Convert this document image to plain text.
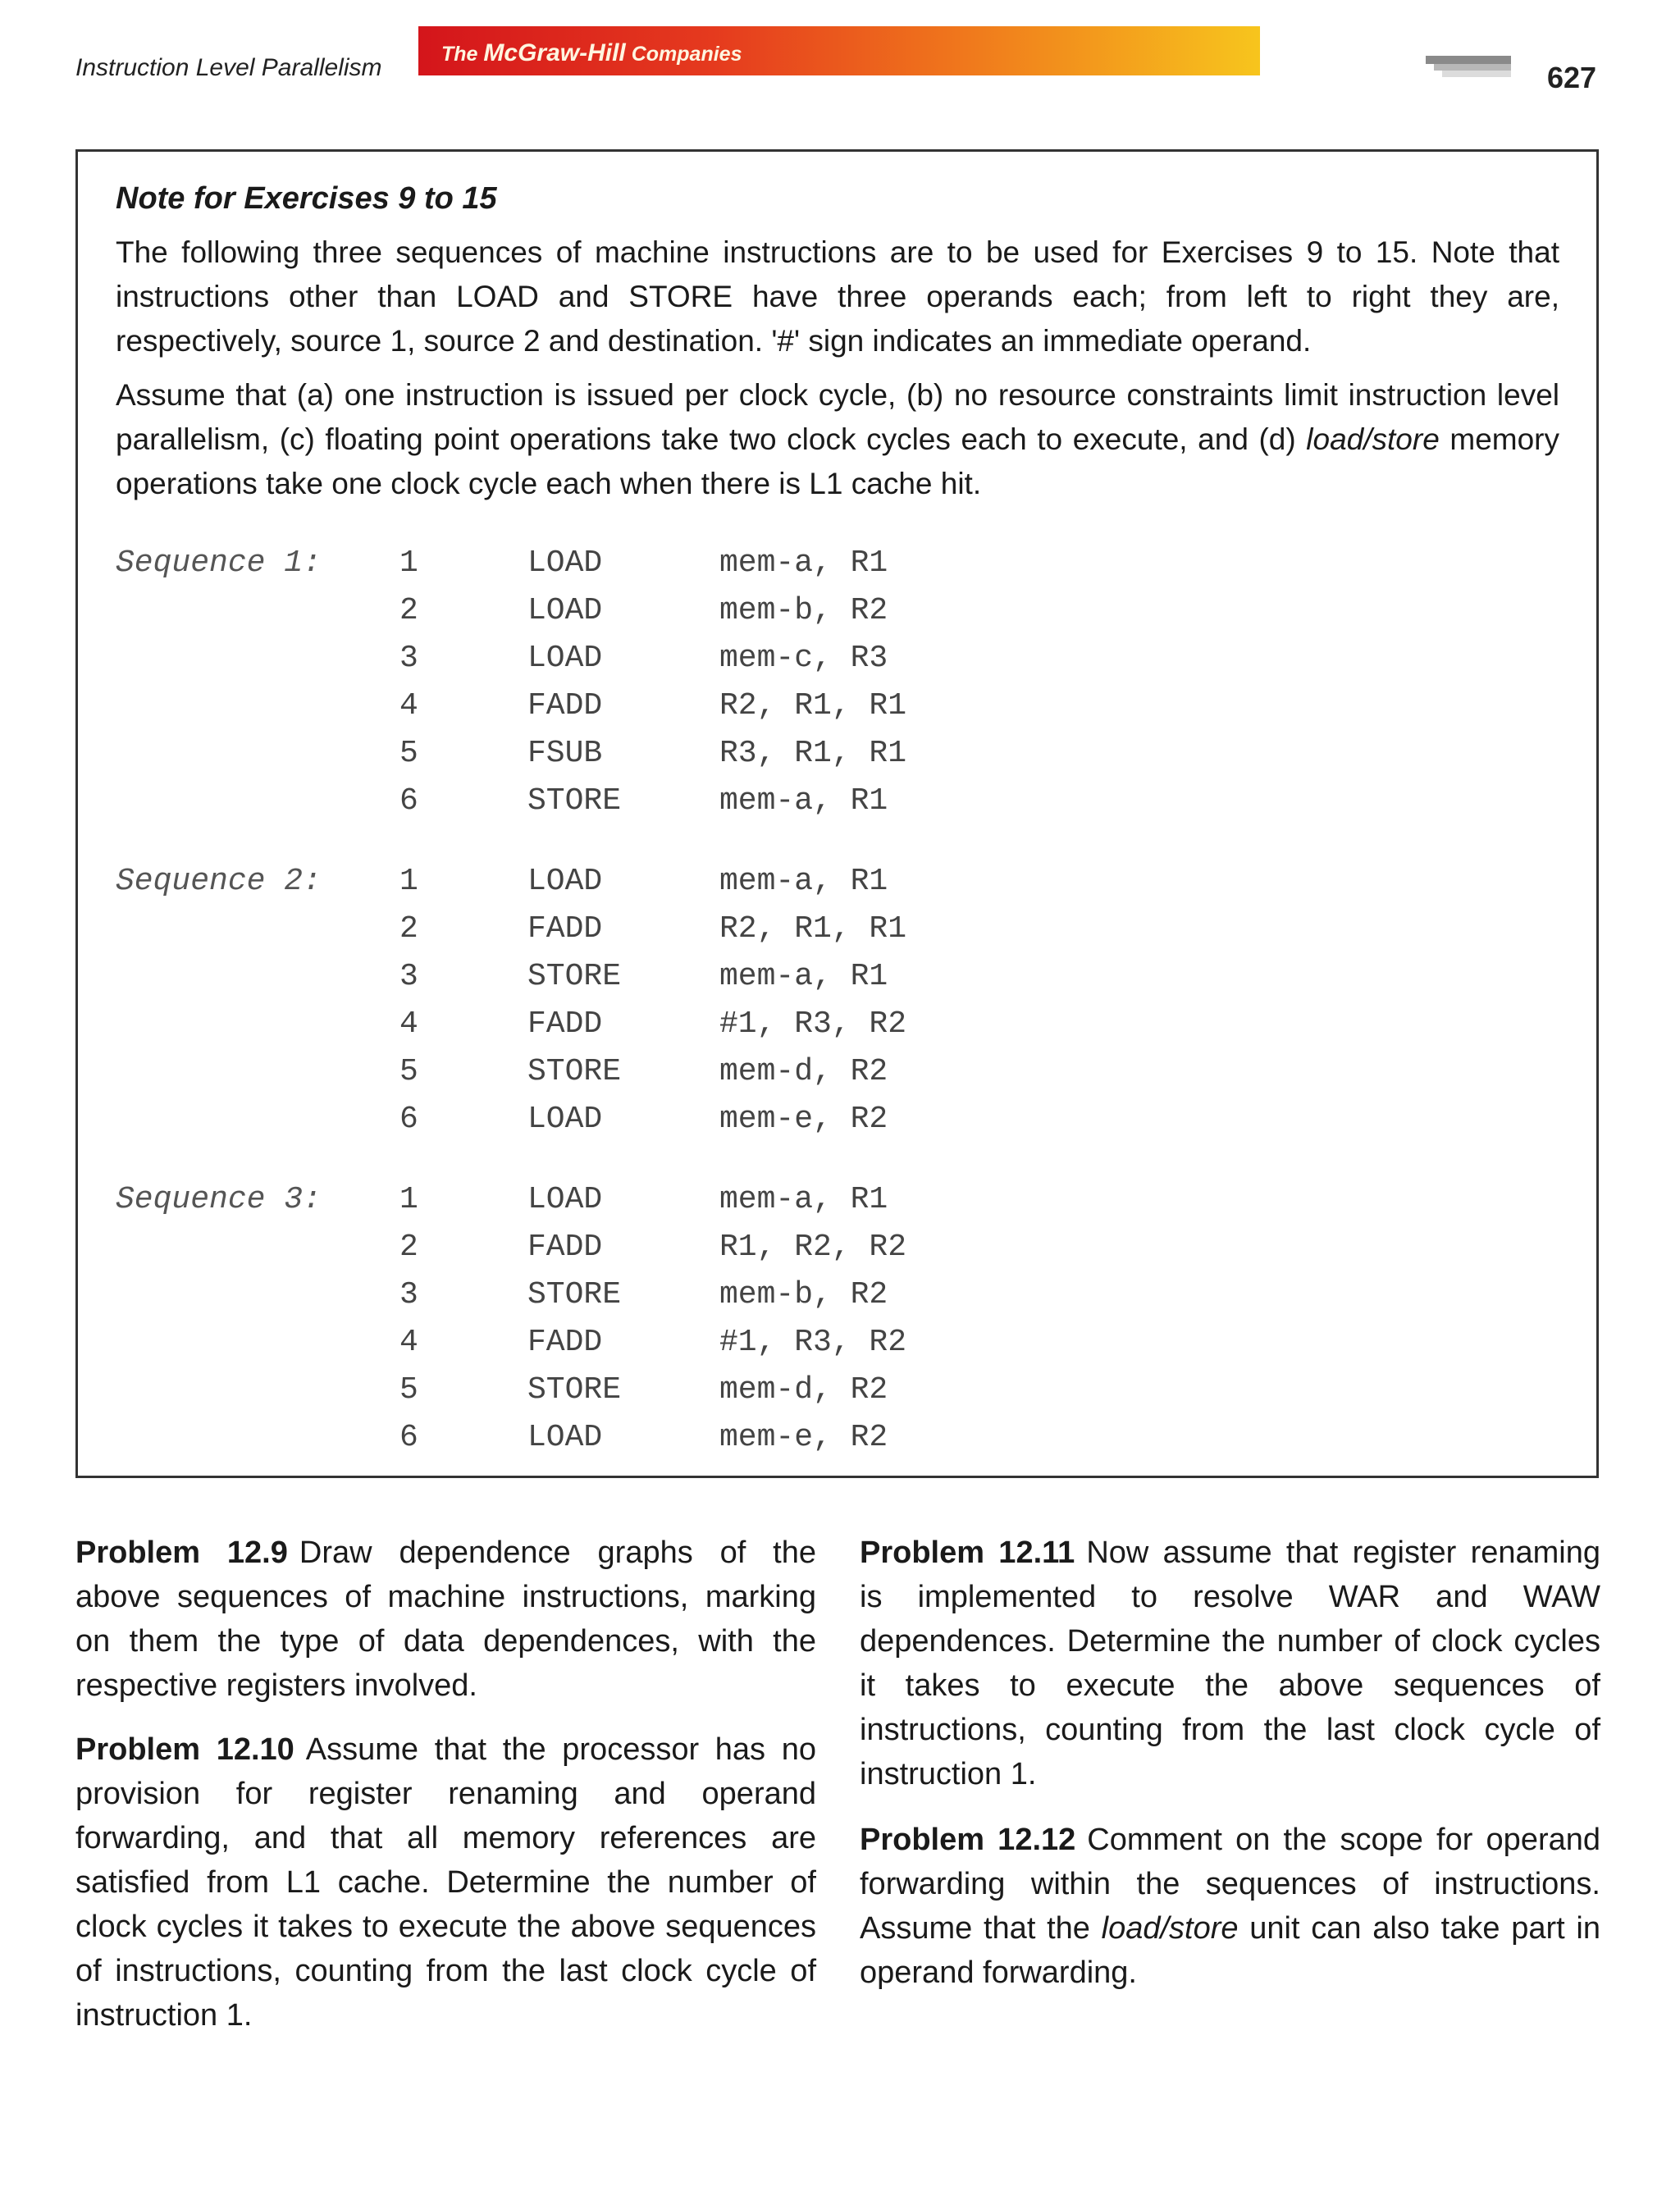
Instruction Level Parallelism	The McGraw-Hill Companies
627
Note for Exercises 9 to 15

The following three sequences of machine instructions are to be used for Exercises 9 to 15. Note that instructions other than LOAD and STORE have three operands each; from left to right they are, respectively, source 1, source 2 and destination. '#' sign indicates an immediate operand.

Assume that (a) one instruction is issued per clock cycle, (b) no resource constraints limit instruction level parallelism, (c) floating point operations take two clock cycles each to execute, and (d) load/store memory operations take one clock cycle each when there is L1 cache hit.

Sequence 1:	1	LOAD	mem-a, R1
2	LOAD	mem-b, R2
3	LOAD	mem-c, R3
4	FADD	R2, R1, R1
5	FSUB	R3, R1, R1
6	STORE	mem-a, R1
Sequence 2:	1	LOAD	mem-a, R1
2	FADD	R2, R1, R1
3	STORE	mem-a, R1
4	FADD	#1, R3, R2
5	STORE	mem-d, R2
6	LOAD	mem-e, R2
Sequence 3:	1	LOAD	mem-a, R1
2	FADD	R1, R2, R2
3	STORE	mem-b, R2
4	FADD	#1, R3, R2
5	STORE	mem-d, R2
6	LOAD	mem-e, R2

Problem 12.9 Draw dependence graphs of the above sequences of machine instructions, marking on them the type of data dependences, with the respective registers involved.

Problem 12.10 Assume that the processor has no provision for register renaming and operand forwarding, and that all memory references are satisfied from L1 cache. Determine the number of clock cycles it takes to execute the above sequences of instructions, counting from the last clock cycle of instruction 1.

Problem 12.11 Now assume that register renaming is implemented to resolve WAR and WAW dependences. Determine the number of clock cycles it takes to execute the above sequences of instructions, counting from the last clock cycle of instruction 1.

Problem 12.12 Comment on the scope for operand forwarding within the sequences of instructions. Assume that the load/store unit can also take part in operand forwarding.
